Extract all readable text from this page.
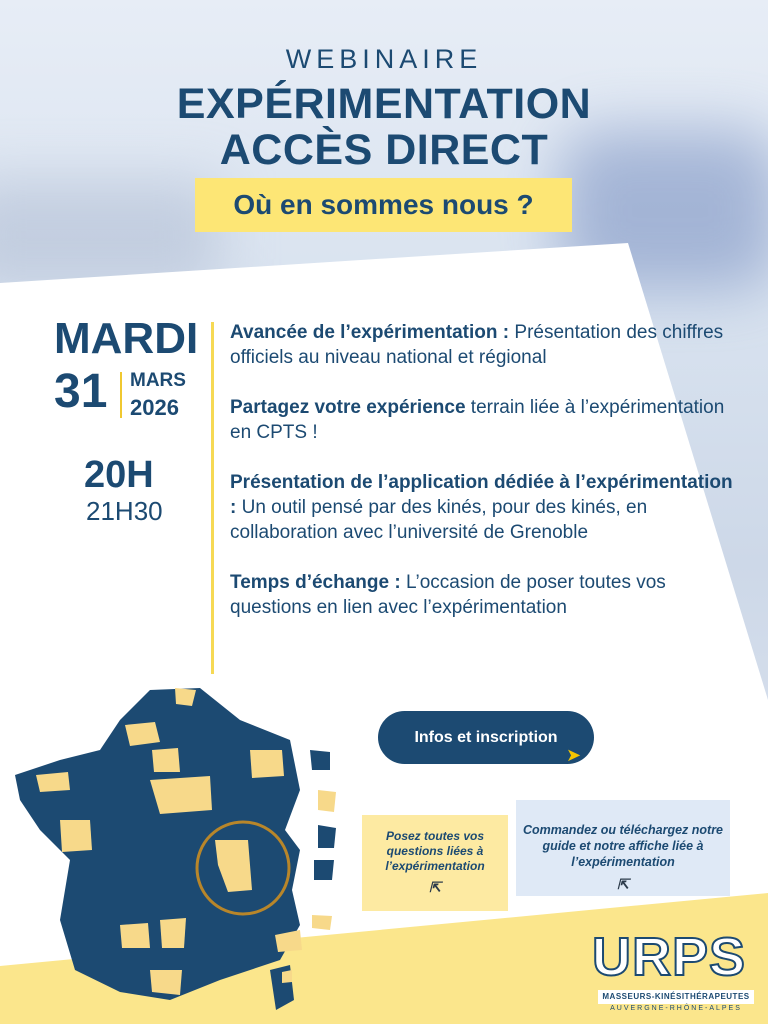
WEBINAIRE
EXPÉRIMENTATION
ACCÈS DIRECT
Où en sommes nous ?
MARDI
31 MARS
2026
20H
21H30

Avancée de l’expérimentation : Présentation des chiffres officiels au niveau national et régional

Partagez votre expérience terrain liée à l’expérimentation en CPTS !

Présentation de l’application dédiée à l’expérimentation : Un outil pensé par des kinés, pour des kinés, en collaboration avec l’université de Grenoble

Temps d’échange : L’occasion de poser toutes vos questions en lien avec l’expérimentation

Infos et inscription
➤
Posez toutes vos questions liées à l’expérimentation
⇱
Commandez ou téléchargez notre guide et notre affiche liée à l’expérimentation
⇱
URPS
MASSEURS-KINÉSITHÉRAPEUTES
AUVERGNE-RHÔNE-ALPES
